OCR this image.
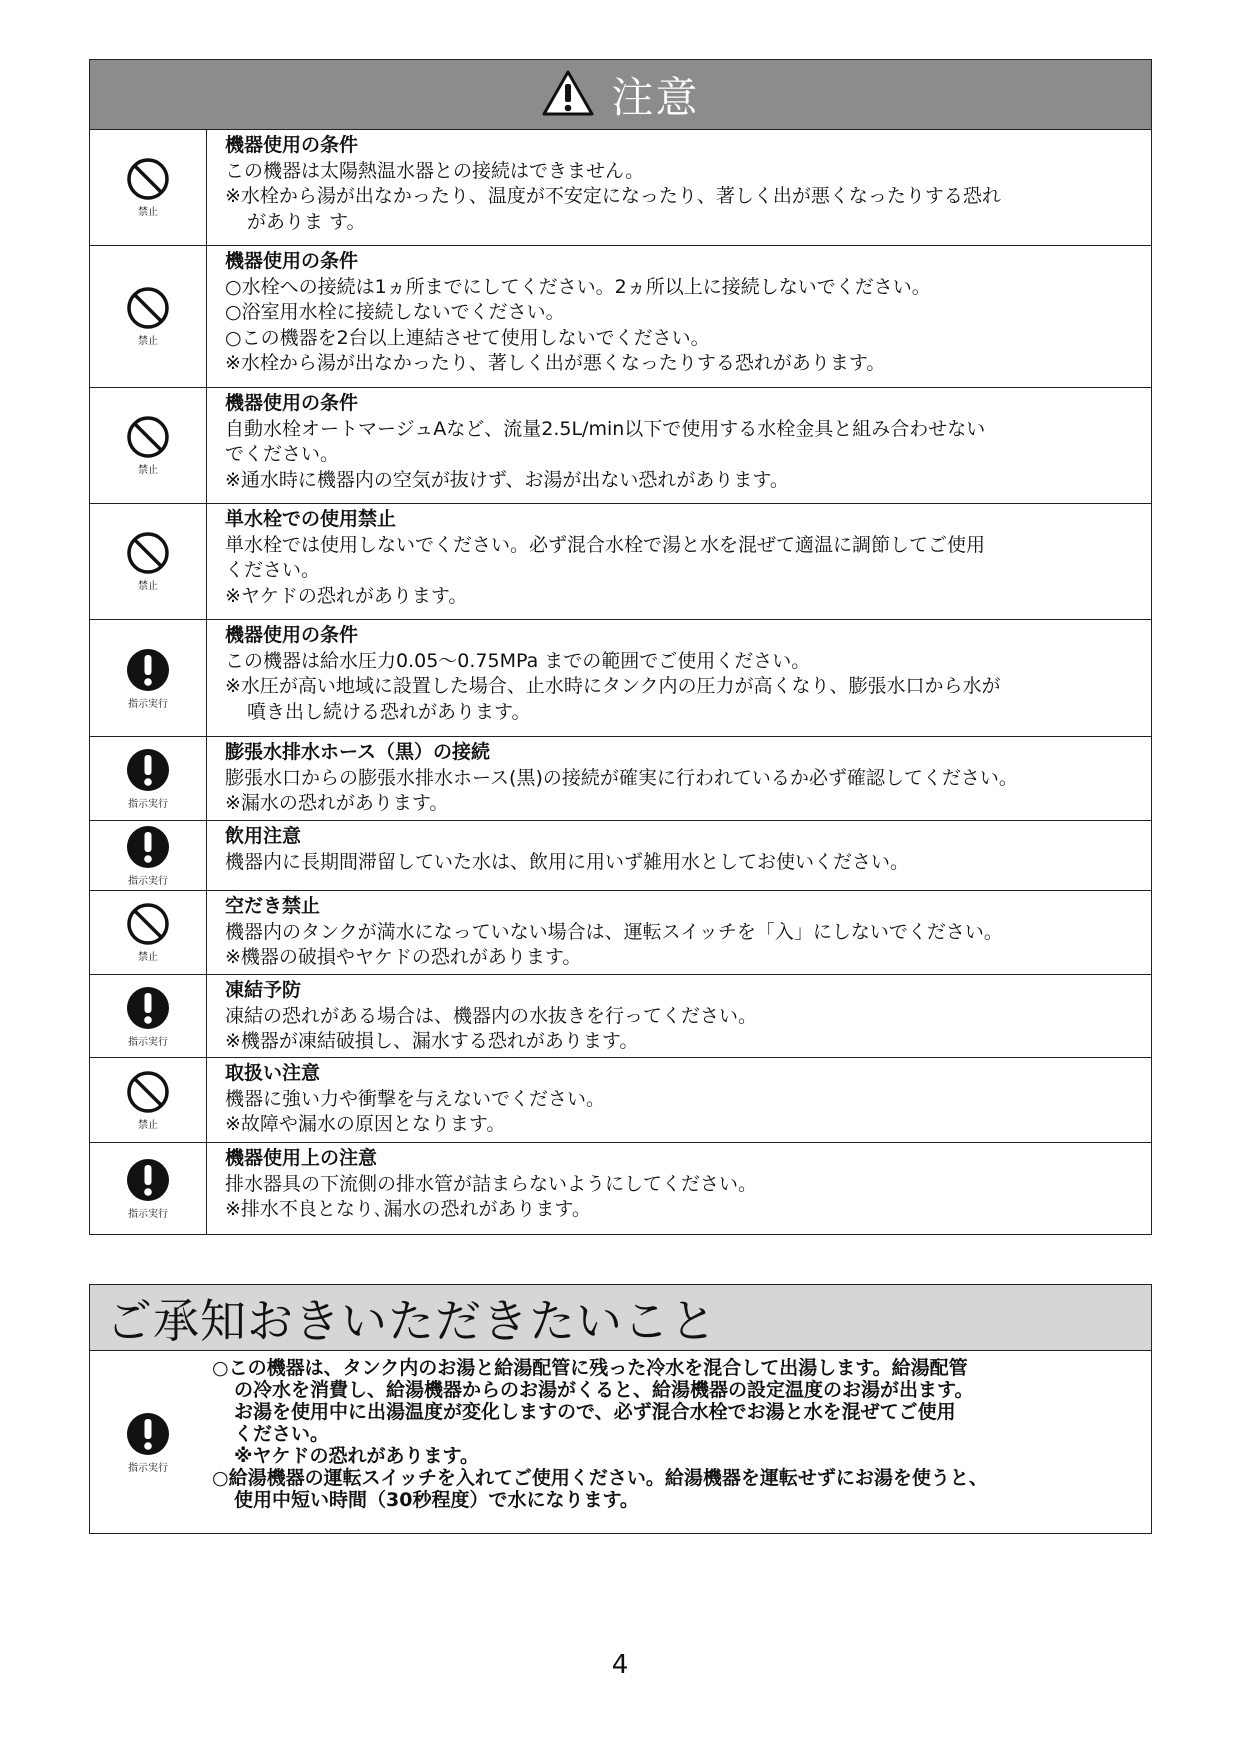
注意
禁止
機器使用の条件
この機器は太陽熱温水器との接続はできません。
※水栓から湯が出なかったり、温度が不安定になったり、著しく出が悪くなったりする恐れ
がありま す。
禁止
機器使用の条件
○水栓への接続は1ヵ所までにしてください。2ヵ所以上に接続しないでください。
○浴室用水栓に接続しないでください。
○この機器を2台以上連結させて使用しないでください。
※水栓から湯が出なかったり、著しく出が悪くなったりする恐れがあります。
禁止
機器使用の条件
自動水栓オートマージュAなど、流量2.5L/min以下で使用する水栓金具と組み合わせない
でください。
※通水時に機器内の空気が抜けず、お湯が出ない恐れがあります。
禁止
単水栓での使用禁止
単水栓では使用しないでください。必ず混合水栓で湯と水を混ぜて適温に調節してご使用
ください。
※ヤケドの恐れがあります。
指示実行
機器使用の条件
この機器は給水圧力0.05〜0.75MPa までの範囲でご使用ください。
※水圧が高い地域に設置した場合、止水時にタンク内の圧力が高くなり、膨張水口から水が
噴き出し続ける恐れがあります。
指示実行
膨張水排水ホース（黒）の接続
膨張水口からの膨張水排水ホース(黒)の接続が確実に行われているか必ず確認してください。
※漏水の恐れがあります。
指示実行
飲用注意
機器内に長期間滞留していた水は、飲用に用いず雑用水としてお使いください。
禁止
空だき禁止
機器内のタンクが満水になっていない場合は、運転スイッチを「入」にしないでください。
※機器の破損やヤケドの恐れがあります。
指示実行
凍結予防
凍結の恐れがある場合は、機器内の水抜きを行ってください。
※機器が凍結破損し、漏水する恐れがあります。
禁止
取扱い注意
機器に強い力や衝撃を与えないでください。
※故障や漏水の原因となります。
指示実行
機器使用上の注意
排水器具の下流側の排水管が詰まらないようにしてください。
※排水不良となり､漏水の恐れがあります。
ご承知おきいただきたいこと
指示実行
○この機器は、タンク内のお湯と給湯配管に残った冷水を混合して出湯します。給湯配管
の冷水を消費し、給湯機器からのお湯がくると、給湯機器の設定温度のお湯が出ます。
お湯を使用中に出湯温度が変化しますので、必ず混合水栓でお湯と水を混ぜてご使用
ください。
※ヤケドの恐れがあります。
○給湯機器の運転スイッチを入れてご使用ください。給湯機器を運転せずにお湯を使うと、
使用中短い時間（30秒程度）で水になります。
4
